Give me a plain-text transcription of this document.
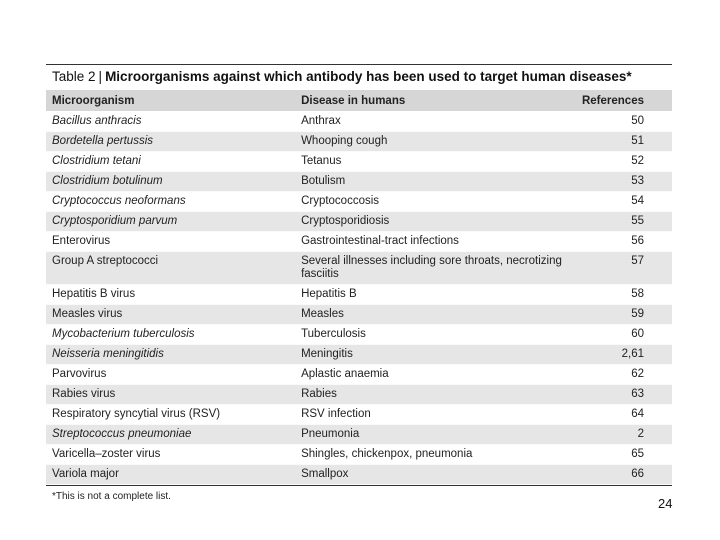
Table 2 | Microorganisms against which antibody has been used to target human diseases*
Microorganism	Disease in humans	References
Bacillus anthracis	Anthrax	50
Bordetella pertussis	Whooping cough	51
Clostridium tetani	Tetanus	52
Clostridium botulinum	Botulism	53
Cryptococcus neoformans	Cryptococcosis	54
Cryptosporidium parvum	Cryptosporidiosis	55
Enterovirus	Gastrointestinal-tract infections	56
Group A streptococci	Several illnesses including sore throats, necrotizing fasciitis	57
Hepatitis B virus	Hepatitis B	58
Measles virus	Measles	59
Mycobacterium tuberculosis	Tuberculosis	60
Neisseria meningitidis	Meningitis	2,61
Parvovirus	Aplastic anaemia	62
Rabies virus	Rabies	63
Respiratory syncytial virus (RSV)	RSV infection	64
Streptococcus pneumoniae	Pneumonia	2
Varicella–zoster virus	Shingles, chickenpox, pneumonia	65
Variola major	Smallpox	66
*This is not a complete list.	24
